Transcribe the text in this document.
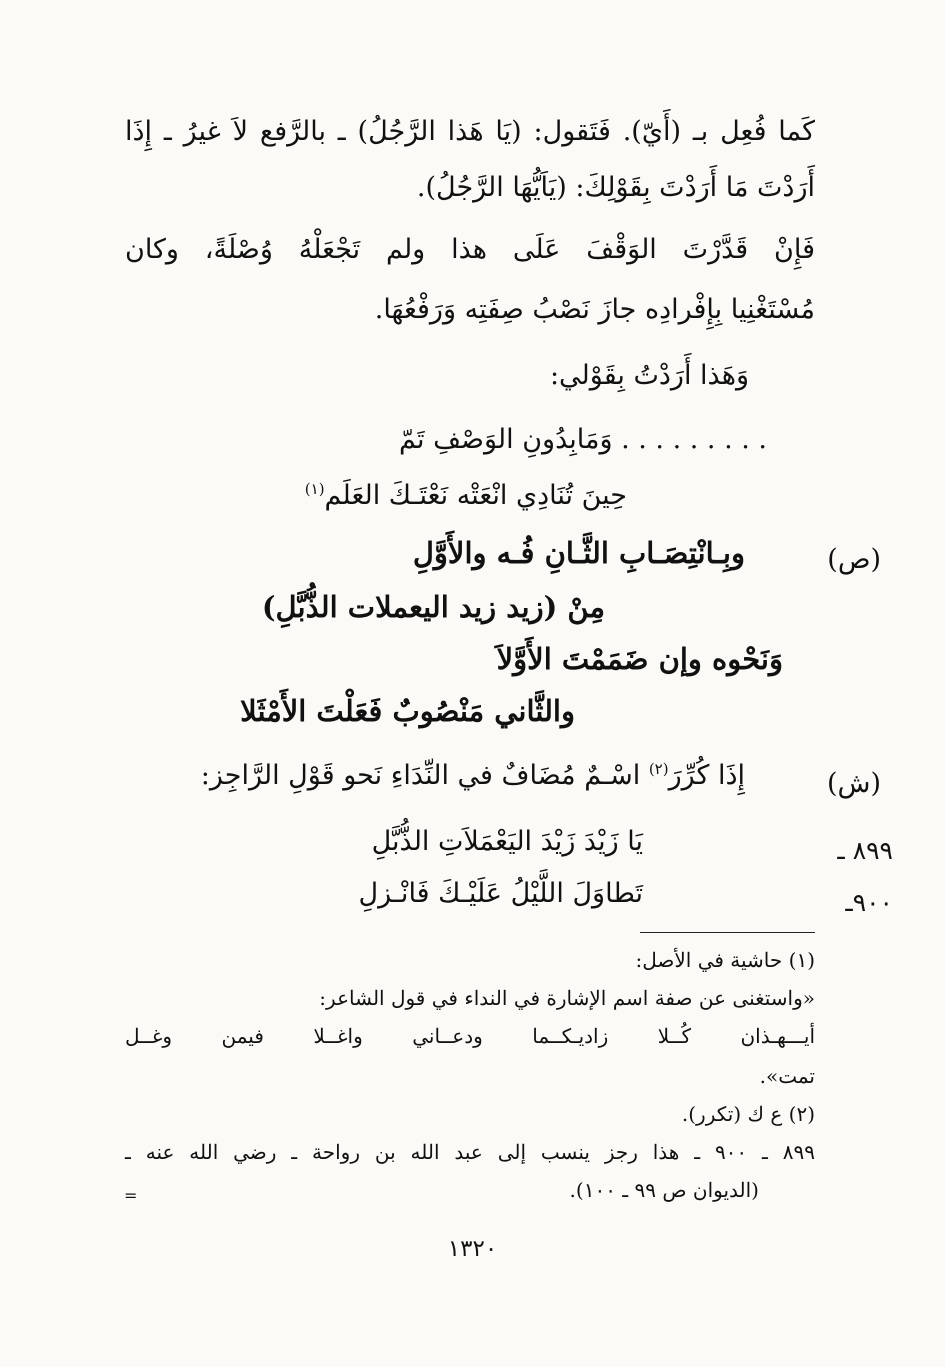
كَما فُعِل بـ (أَيّ). فَتَقول: (يَا هَذا الرَّجُلُ) ـ بالرَّفع لاَ غيرُ ـ إِذَا
أَرَدْتَ مَا أَرَدْتَ بِقَوْلِكَ: (يَاَيُّهَا الرَّجُلُ).
فَإِنْ قَدَّرْتَ الوَقْفَ عَلَى هذا ولم تَجْعَلْهُ وُصْلَةً، وكان
مُسْتَغْنِيا بِإِفْرادِه جازَ نَصْبُ صِفَتِه وَرَفْعُهَا.
وَهَذا أَرَدْتُ بِقَوْلي:
. . . . . . . . . وَمَابِدُونِ الوَصْفِ تَمّ
حِينَ تُنَادِي انْعَتْه نَعْتَـكَ العَلَم$^{(١)}$
(ص)
وبِـانْتِصَـابِ الثَّـانِ فُـه والأَوَّلِ
مِنْ (زيد زيد اليعملات الذُّبَّلِ)
وَنَحْوه وإن ضَمَمْتَ الأَوَّلاَ
والثَّاني مَنْصُوبٌ فَعَلْتَ الأَمْثَلا
(ش)
إِذَا كُرِّرَ$^{(٢)}$ اسْـمٌ مُضَافٌ في النِّدَاءِ نَحو قَوْلِ الرَّاجِز:
٨٩٩ ـ
يَا زَيْدَ زَيْدَ اليَعْمَلاَتِ الذُّبَّلِ
٩٠٠ـ
تَطاوَلَ اللَّيْلُ عَلَيْـكَ فَانْـزلِ
(١) حاشية في الأصل:
«واستغنى عن صفة اسم الإشارة في النداء في قول الشاعر:
أيـــهـذان كُــلا زاديـكــما ودعــاني واغــلا فيمن وغــل
تمت».
(٢) ع ك (تكرر).
٨٩٩ ـ ٩٠٠ ـ هذا رجز ينسب إلى عبد الله بن رواحة ـ رضي الله عنه ـ
(الديوان ص ٩٩ ـ ١٠٠).
=
١٣٢٠
